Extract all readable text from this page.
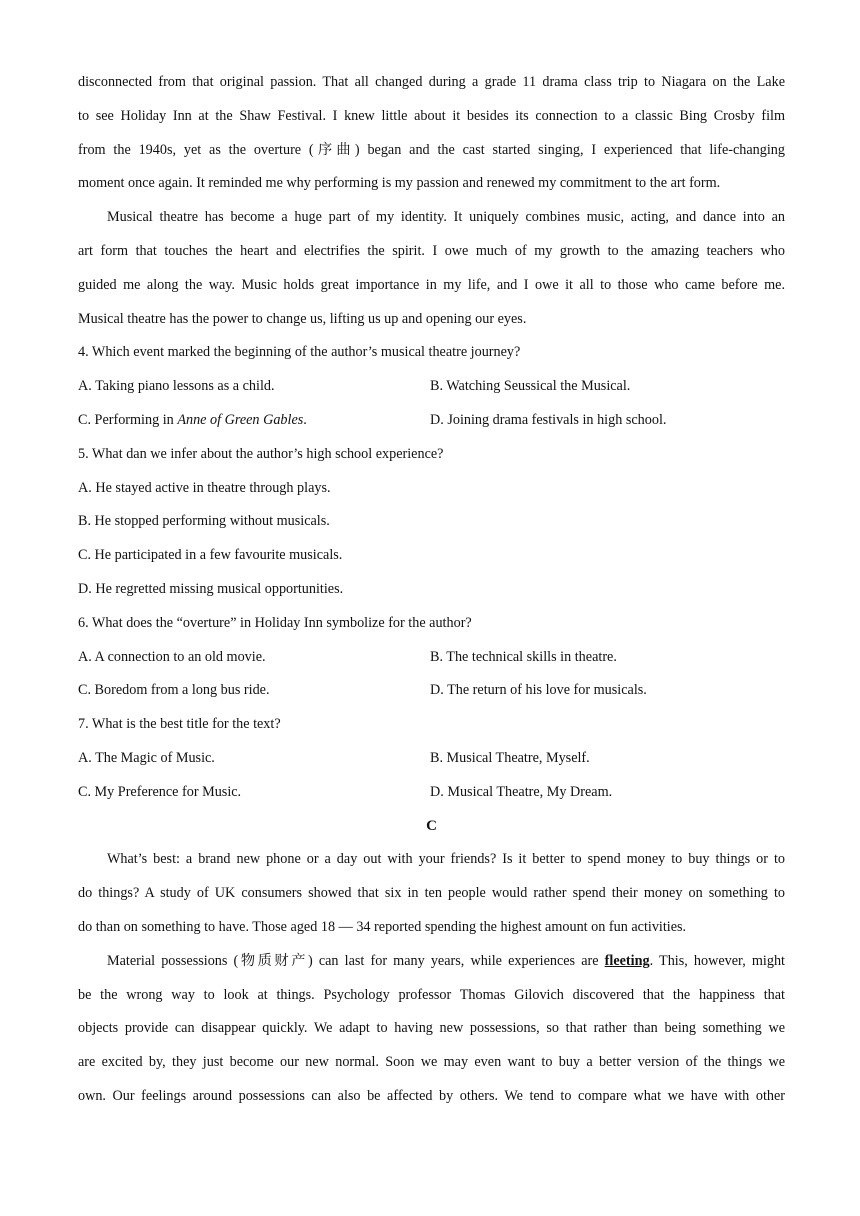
disconnected from that original passion. That all changed during a grade 11 drama class trip to Niagara on the Lake
to see Holiday Inn at the Shaw Festival. I knew little about it besides its connection to a classic Bing Crosby film
from the 1940s, yet as the overture (序曲) began and the cast started singing, I experienced that life-changing
moment once again. It reminded me why performing is my passion and renewed my commitment to the art form.
Musical theatre has become a huge part of my identity. It uniquely combines music, acting, and dance into an
art form that touches the heart and electrifies the spirit. I owe much of my growth to the amazing teachers who
guided me along the way. Music holds great importance in my life, and I owe it all to those who came before me.
Musical theatre has the power to change us, lifting us up and opening our eyes.
4. Which event marked the beginning of the author’s musical theatre journey?
A. Taking piano lessons as a child.	B. Watching Seussical the Musical.
C. Performing in Anne of Green Gables.	D. Joining drama festivals in high school.
5. What dan we infer about the author’s high school experience?
A. He stayed active in theatre through plays.
B. He stopped performing without musicals.
C. He participated in a few favourite musicals.
D. He regretted missing musical opportunities.
6. What does the “overture” in Holiday Inn symbolize for the author?
A. A connection to an old movie.	B. The technical skills in theatre.
C. Boredom from a long bus ride.	D. The return of his love for musicals.
7. What is the best title for the text?
A. The Magic of Music.	B. Musical Theatre, Myself.
C. My Preference for Music.	D. Musical Theatre, My Dream.
C
What’s best: a brand new phone or a day out with your friends? Is it better to spend money to buy things or to
do things? A study of UK consumers showed that six in ten people would rather spend their money on something to
do than on something to have. Those aged 18 — 34 reported spending the highest amount on fun activities.
Material possessions (物质财产) can last for many years, while experiences are fleeting. This, however, might
be the wrong way to look at things. Psychology professor Thomas Gilovich discovered that the happiness that
objects provide can disappear quickly. We adapt to having new possessions, so that rather than being something we
are excited by, they just become our new normal. Soon we may even want to buy a better version of the things we
own. Our feelings around possessions can also be affected by others. We tend to compare what we have with other
